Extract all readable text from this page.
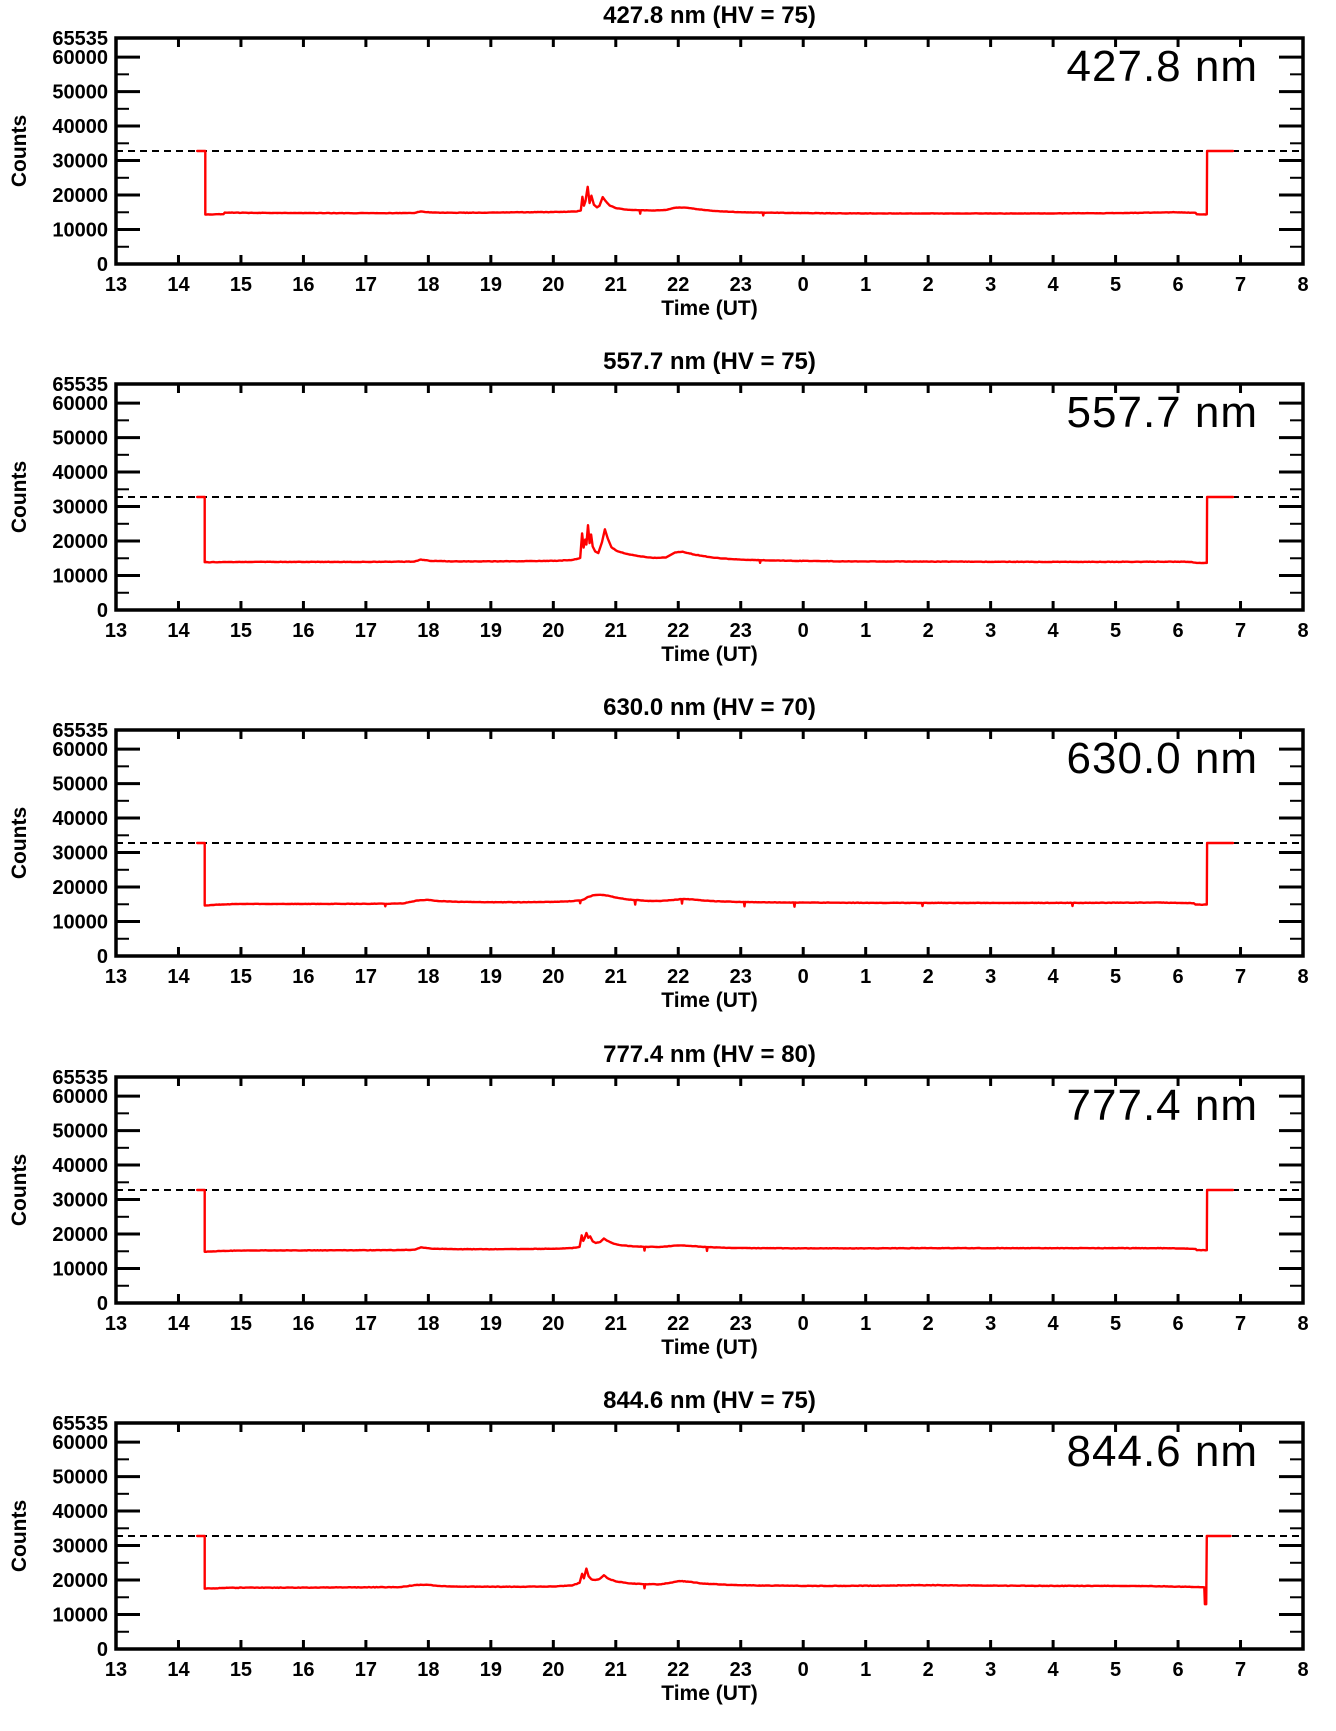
427.8 nm (HV = 75)
427.8 nm
Counts
Time (UT)
13 14 15 16 17 18 19 20 21 22 23 0	1	2	3	4	5	6	7	8
65535
60000
50000
40000
30000
20000
10000
0
557.7 nm (HV = 75)
557.7 nm
Counts
Time (UT)
13 14 15 16 17 18 19 20 21 22 23 0	1	2	3	4	5	6	7	8
65535
60000
50000
40000
30000
20000
10000
0
630.0 nm (HV = 70)
630.0 nm
Counts
Time (UT)
13 14 15 16 17 18 19 20 21 22 23 0	1	2	3	4	5	6	7	8
65535
60000
50000
40000
30000
20000
10000
0
777.4 nm (HV = 80)
777.4 nm
Counts
Time (UT)
13 14 15 16 17 18 19 20 21 22 23 0	1	2	3	4	5	6	7	8
65535
60000
50000
40000
30000
20000
10000
0
844.6 nm (HV = 75)
844.6 nm
Counts
Time (UT)
13 14 15 16 17 18 19 20 21 22 23 0	1	2	3	4	5	6	7	8
65535
60000
50000
40000
30000
20000
10000
0
